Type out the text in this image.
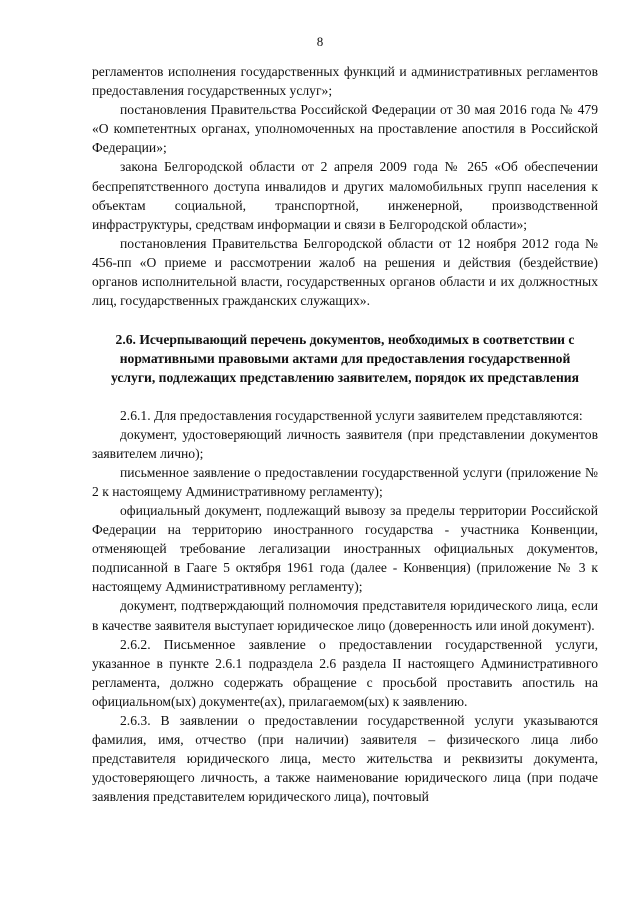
8

регламентов исполнения государственных функций и административных регламентов предоставления государственных услуг»;

постановления Правительства Российской Федерации от 30 мая 2016 года № 479 «О компетентных органах, уполномоченных на проставление апостиля в Российской Федерации»;

закона Белгородской области от 2 апреля 2009 года № 265 «Об обеспечении беспрепятственного доступа инвалидов и других маломобильных групп населения к объектам социальной, транспортной, инженерной, производственной инфраструктуры, средствам информации и связи в Белгородской области»;

постановления Правительства Белгородской области от 12 ноября 2012 года № 456-пп «О приеме и рассмотрении жалоб на решения и действия (бездействие) органов исполнительной власти, государственных органов области и их должностных лиц, государственных гражданских служащих».

2.6. Исчерпывающий перечень документов, необходимых в соответствии с нормативными правовыми актами для предоставления государственной услуги, подлежащих представлению заявителем, порядок их представления

2.6.1. Для предоставления государственной услуги заявителем представляются:

документ, удостоверяющий личность заявителя (при представлении документов заявителем лично);

письменное заявление о предоставлении государственной услуги (приложение № 2 к настоящему Административному регламенту);

официальный документ, подлежащий вывозу за пределы территории Российской Федерации на территорию иностранного государства - участника Конвенции, отменяющей требование легализации иностранных официальных документов, подписанной в Гааге 5 октября 1961 года (далее - Конвенция) (приложение № 3 к настоящему Административному регламенту);

документ, подтверждающий полномочия представителя юридического лица, если в качестве заявителя выступает юридическое лицо (доверенность или иной документ).

2.6.2. Письменное заявление о предоставлении государственной услуги, указанное в пункте 2.6.1 подраздела 2.6 раздела II настоящего Административного регламента, должно содержать обращение с просьбой проставить апостиль на официальном(ых) документе(ах), прилагаемом(ых) к заявлению.

2.6.3. В заявлении о предоставлении государственной услуги указываются фамилия, имя, отчество (при наличии) заявителя – физического лица либо представителя юридического лица, место жительства и реквизиты документа, удостоверяющего личность, а также наименование юридического лица (при подаче заявления представителем юридического лица), почтовый
